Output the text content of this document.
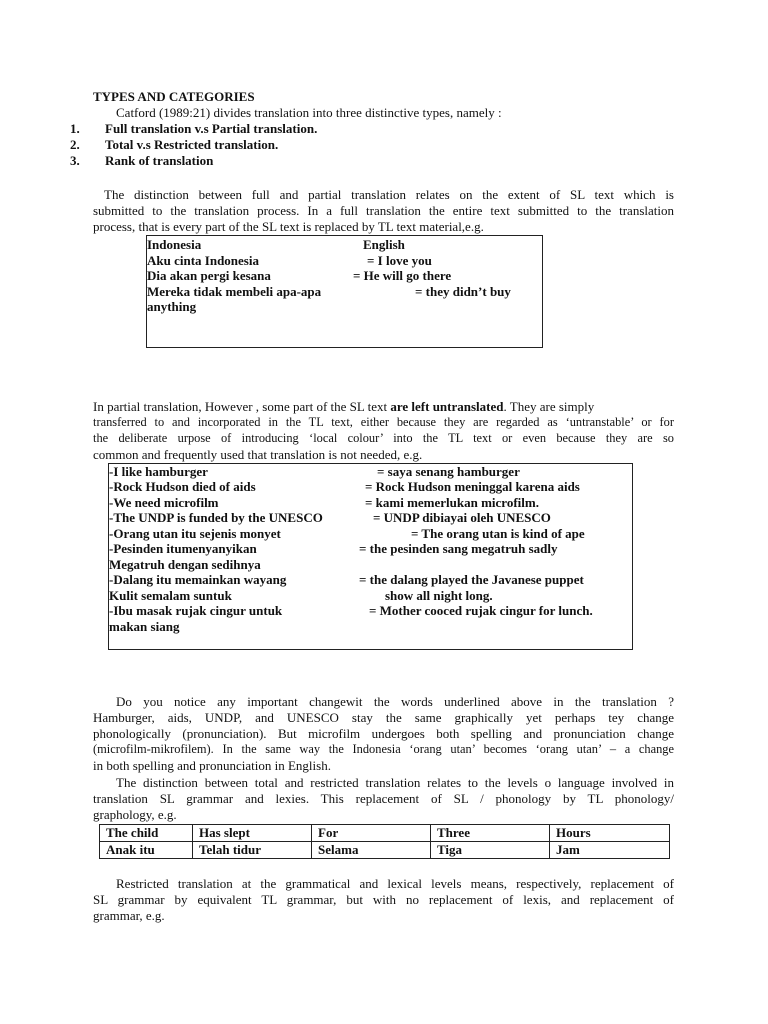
TYPES AND CATEGORIES
Catford (1989:21) divides translation into three distinctive types, namely :
1. Full translation v.s Partial translation.
2. Total v.s Restricted translation.
3. Rank of translation
The distinction between full and partial translation relates on the extent of SL text which is
submitted to the translation process. In a full translation the entire text submitted to the translation
process, that is every part of the SL text is replaced by TL text material,e.g.
Indonesia	English
Aku cinta Indonesia	= I love you
Dia akan pergi kesana	= He will go there
Mereka tidak membeli apa-apa	= they didn’t buy
anything
In partial translation, However , some part of the SL text are left untranslated. They are simply
transferred to and incorporated in the TL text, either because they are regarded as ‘untranstable’ or for
the deliberate urpose of introducing ‘local colour’ into the TL text or even because they are so
common and frequently used that translation is not needed, e.g.
-I like hamburger	= saya senang hamburger
-Rock Hudson died of aids	= Rock Hudson meninggal karena aids
-We need microfilm	= kami memerlukan microfilm.
-The UNDP is funded by the UNESCO	= UNDP dibiayai oleh UNESCO
-Orang utan itu sejenis monyet	= The orang utan is kind of ape
-Pesinden itumenyanyikan	= the pesinden sang megatruh sadly
Megatruh dengan sedihnya
-Dalang itu memainkan wayang	= the dalang played the Javanese puppet
Kulit semalam suntuk	show all night long.
-Ibu masak rujak cingur untuk	= Mother cooced rujak cingur for lunch.
makan siang
Do you notice any important changewit the words underlined above in the translation ?
Hamburger, aids, UNDP, and UNESCO stay the same graphically yet perhaps tey change
phonologically (pronunciation). But microfilm undergoes both spelling and pronunciation change
(microfilm-mikrofilem). In the same way the Indonesia ‘orang utan’ becomes ‘orang utan’ – a change
in both spelling and pronunciation in English.
The distinction between total and restricted translation relates to the levels o language involved in
translation SL grammar and lexies. This replacement of SL / phonology by TL phonology/
graphology, e.g.
The child	Has slept	For	Three	Hours
Anak itu	Telah tidur	Selama	Tiga	Jam
Restricted translation at the grammatical and lexical levels means, respectively, replacement of
SL grammar by equivalent TL grammar, but with no replacement of lexis, and replacement of
grammar, e.g.
